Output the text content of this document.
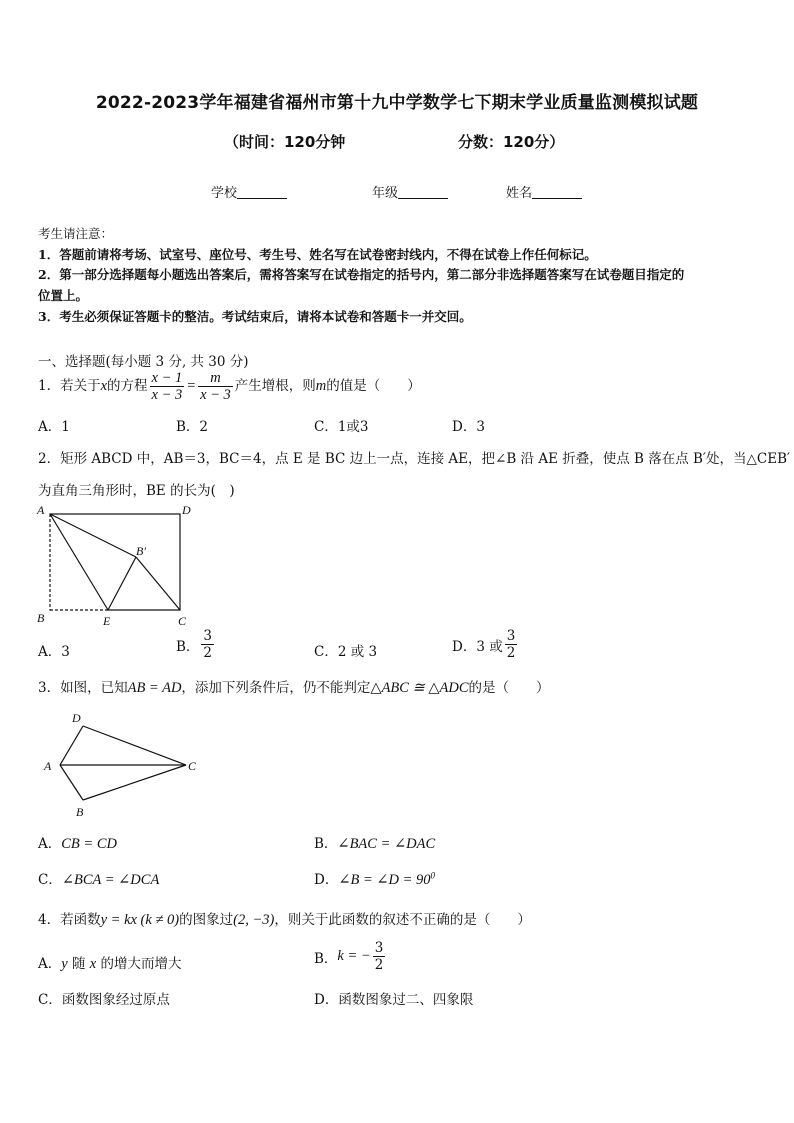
2022-2023学年福建省福州市第十九中学数学七下期末学业质量监测模拟试题
（时间：120分钟	分数：120分）
学校	年级	姓名
考生请注意：
1．答题前请将考场、试室号、座位号、考生号、姓名写在试卷密封线内，不得在试卷上作任何标记。
2．第一部分选择题每小题选出答案后，需将答案写在试卷指定的括号内，第二部分非选择题答案写在试卷题目指定的
位置上。
3．考生必须保证答题卡的整洁。考试结束后，请将本试卷和答题卡一并交回。
一、选择题(每小题 3 分, 共 30 分)
1．若关于x的方程 $\frac{x - 1}{x - 3} = \frac{m}{x - 3}$ 产生增根，则m的值是（　　）
A．1	B．2	C．1或3	D．3
2．矩形 ABCD 中，AB＝3，BC＝4，点 E 是 BC 边上一点，连接 AE，把∠B 沿 AE 折叠，使点 B 落在点 B′处，当△CEB′
为直角三角形时，BE 的长为(　)
A	D
B	C
E
B′
A．3	B． $\frac{3}{2}$	C．2 或 3	D．3 或 $\frac{3}{2}$
3．如图，已知AB = AD，添加下列条件后，仍不能判定△ABC ≅ △ADC的是（　　）
D
A	C
B
A．CB = CD	B．∠BAC = ∠DAC
C．∠BCA = ∠DCA	D．∠B = ∠D = $90^0$
4．若函数y = kx (k ≠ 0)的图象过(2, −3)，则关于此函数的叙述不正确的是（　　）
A．y 随 x 的增大而增大	B．k = − $\frac{3}{2}$
C．函数图象经过原点	D．函数图象过二、四象限
